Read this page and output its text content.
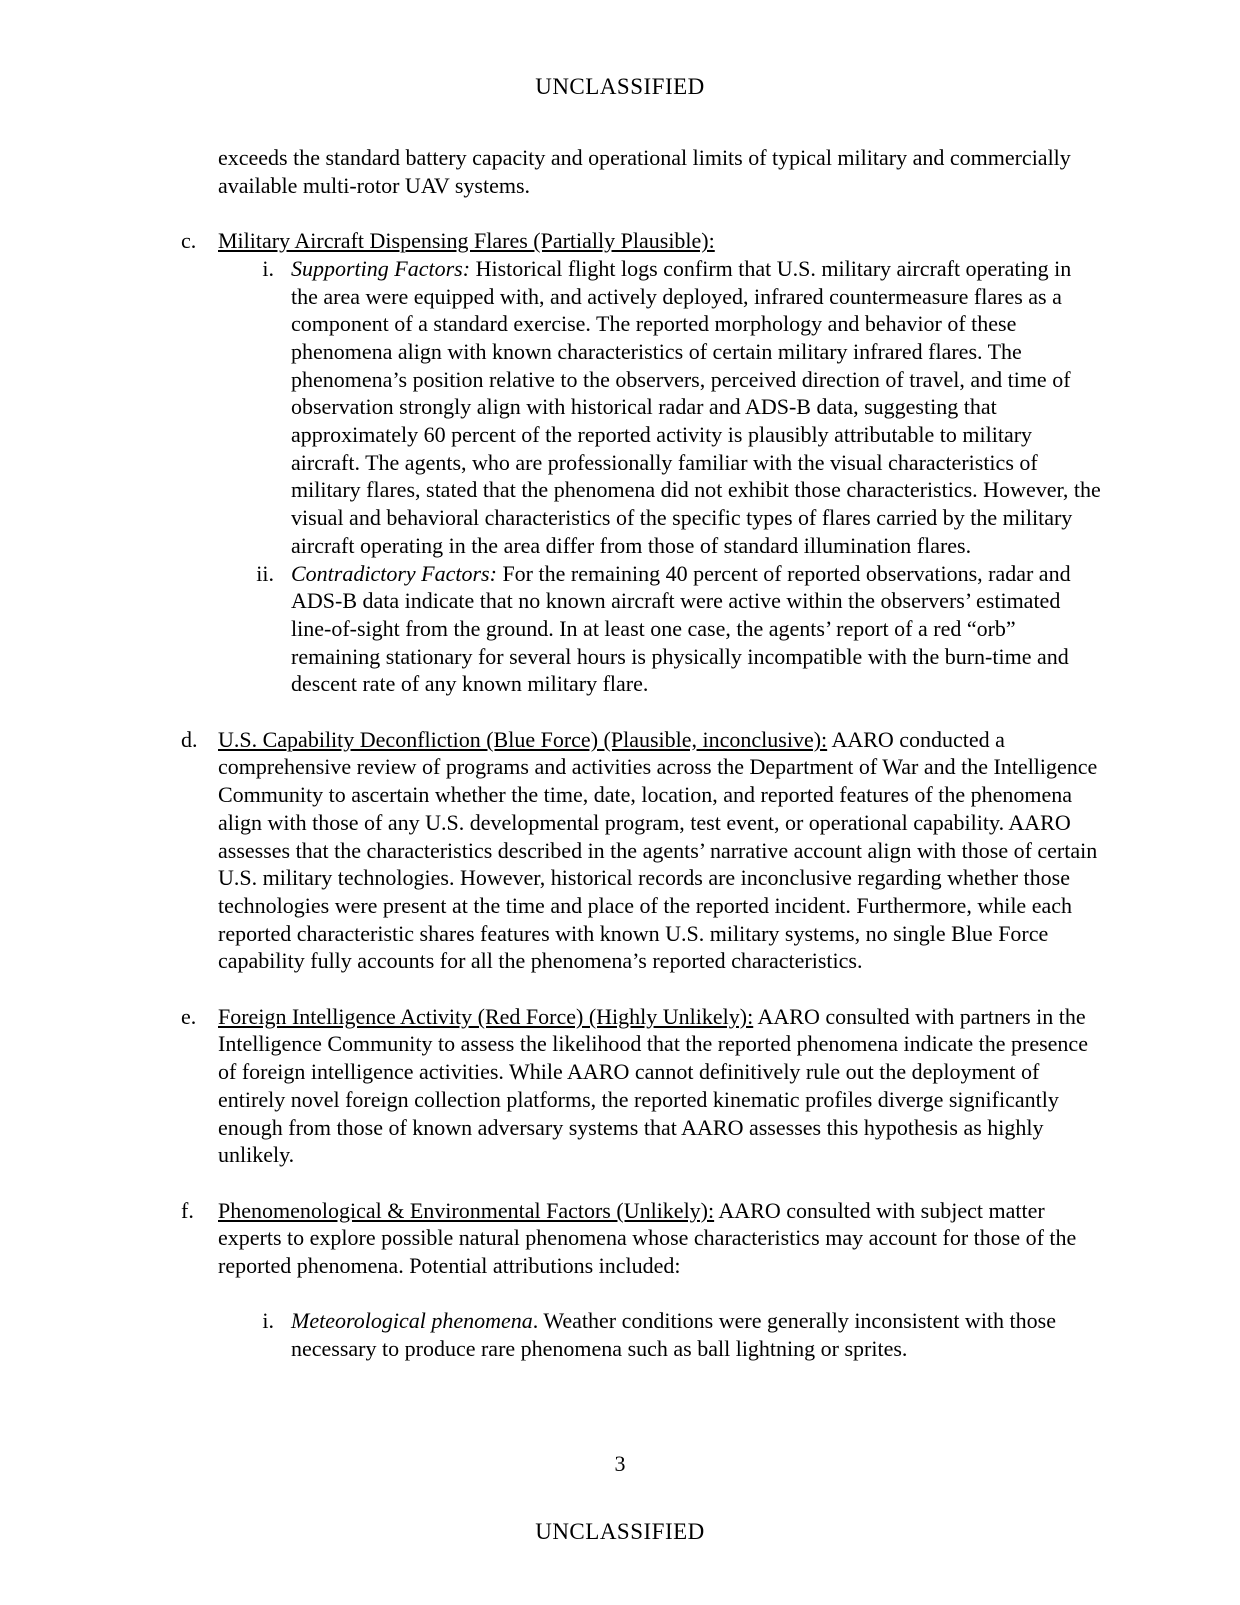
UNCLASSIFIED
exceeds the standard battery capacity and operational limits of typical military and commercially available multi-rotor UAV systems.
c. Military Aircraft Dispensing Flares (Partially Plausible):
i. Supporting Factors: Historical flight logs confirm that U.S. military aircraft operating in the area were equipped with, and actively deployed, infrared countermeasure flares as a component of a standard exercise. The reported morphology and behavior of these phenomena align with known characteristics of certain military infrared flares. The phenomena’s position relative to the observers, perceived direction of travel, and time of observation strongly align with historical radar and ADS-B data, suggesting that approximately 60 percent of the reported activity is plausibly attributable to military aircraft. The agents, who are professionally familiar with the visual characteristics of military flares, stated that the phenomena did not exhibit those characteristics. However, the visual and behavioral characteristics of the specific types of flares carried by the military aircraft operating in the area differ from those of standard illumination flares.
ii. Contradictory Factors: For the remaining 40 percent of reported observations, radar and ADS-B data indicate that no known aircraft were active within the observers’ estimated line-of-sight from the ground. In at least one case, the agents’ report of a red “orb” remaining stationary for several hours is physically incompatible with the burn-time and descent rate of any known military flare.
d. U.S. Capability Deconfliction (Blue Force) (Plausible, inconclusive): AARO conducted a comprehensive review of programs and activities across the Department of War and the Intelligence Community to ascertain whether the time, date, location, and reported features of the phenomena align with those of any U.S. developmental program, test event, or operational capability. AARO assesses that the characteristics described in the agents’ narrative account align with those of certain U.S. military technologies. However, historical records are inconclusive regarding whether those technologies were present at the time and place of the reported incident. Furthermore, while each reported characteristic shares features with known U.S. military systems, no single Blue Force capability fully accounts for all the phenomena’s reported characteristics.
e. Foreign Intelligence Activity (Red Force) (Highly Unlikely): AARO consulted with partners in the Intelligence Community to assess the likelihood that the reported phenomena indicate the presence of foreign intelligence activities. While AARO cannot definitively rule out the deployment of entirely novel foreign collection platforms, the reported kinematic profiles diverge significantly enough from those of known adversary systems that AARO assesses this hypothesis as highly unlikely.
f. Phenomenological & Environmental Factors (Unlikely): AARO consulted with subject matter experts to explore possible natural phenomena whose characteristics may account for those of the reported phenomena. Potential attributions included:
i. Meteorological phenomena. Weather conditions were generally inconsistent with those necessary to produce rare phenomena such as ball lightning or sprites.
3
UNCLASSIFIED
